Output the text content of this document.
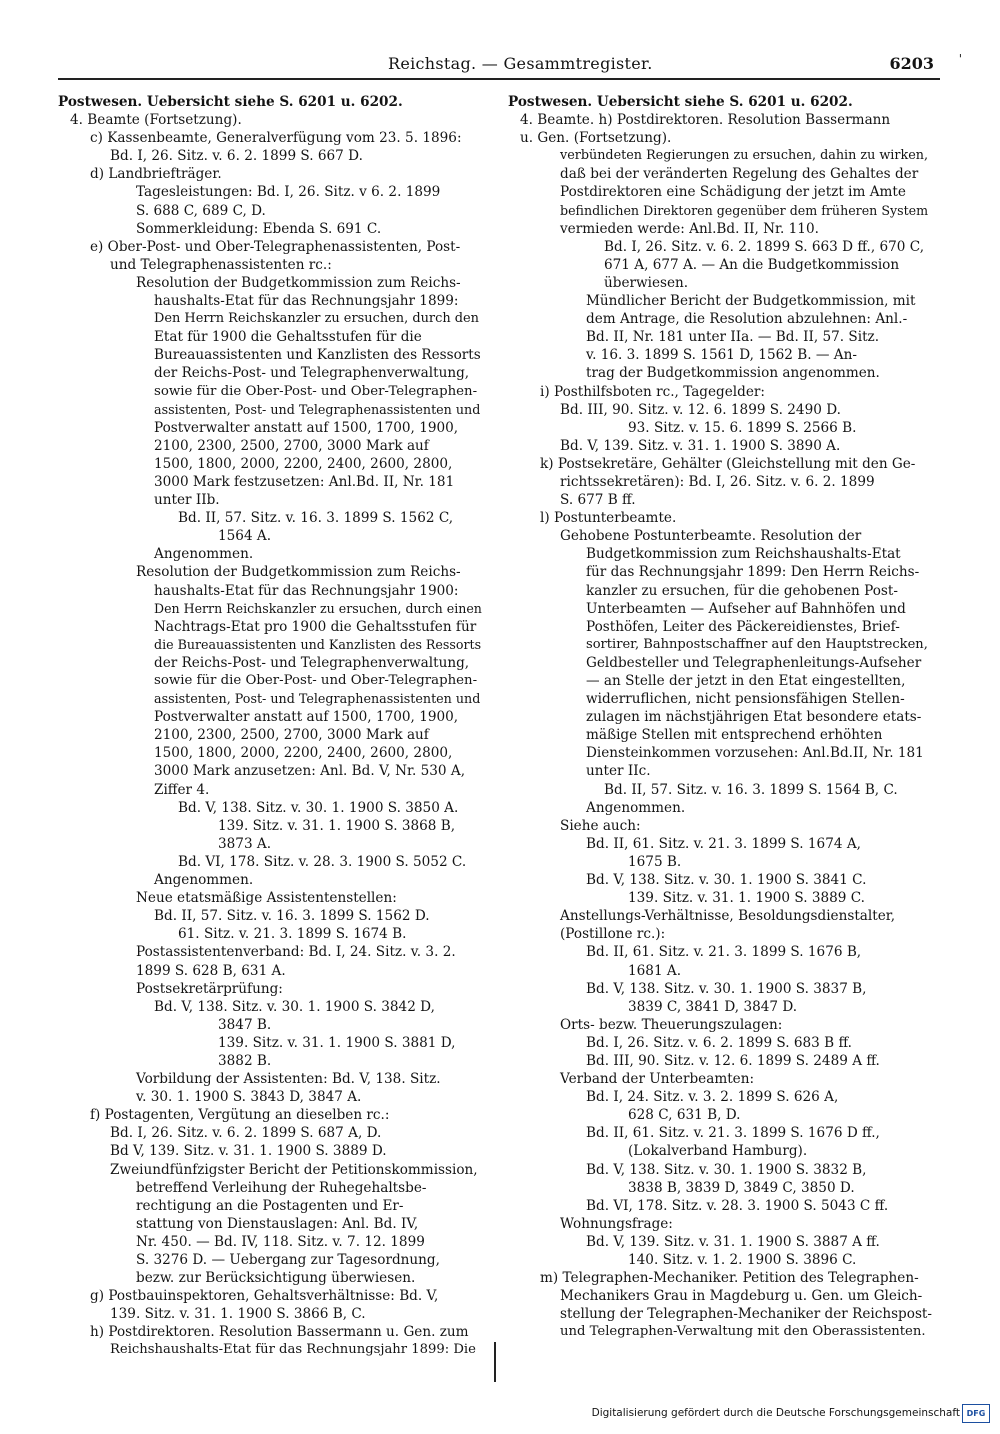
Reichstag. — Gesammtregister.	6203 '
Postwesen. Uebersicht siehe S. 6201 u. 6202.
4. Beamte (Fortsetzung).
c) Kassenbeamte, Generalverfügung vom 23. 5. 1896:
Bd. I, 26. Sitz. v. 6. 2. 1899 S. 667 D.
d) Landbriefträger.
Tagesleistungen: Bd. I, 26. Sitz. v 6. 2. 1899
S. 688 C, 689 C, D.
Sommerkleidung: Ebenda S. 691 C.
e) Ober-Post- und Ober-Telegraphenassistenten, Post-
und Telegraphenassistenten rc.:
Resolution der Budgetkommission zum Reichs-
haushalts-Etat für das Rechnungsjahr 1899:
Den Herrn Reichskanzler zu ersuchen, durch den
Etat für 1900 die Gehaltsstufen für die
Bureauassistenten und Kanzlisten des Ressorts
der Reichs-Post- und Telegraphenverwaltung,
sowie für die Ober-Post- und Ober-Telegraphen-
assistenten, Post- und Telegraphenassistenten und
Postverwalter anstatt auf 1500, 1700, 1900,
2100, 2300, 2500, 2700, 3000 Mark auf
1500, 1800, 2000, 2200, 2400, 2600, 2800,
3000 Mark festzusetzen: Anl.Bd. II, Nr. 181
unter IIb.
Bd. II, 57. Sitz. v. 16. 3. 1899 S. 1562 C,
1564 A.
Angenommen.
Resolution der Budgetkommission zum Reichs-
haushalts-Etat für das Rechnungsjahr 1900:
Den Herrn Reichskanzler zu ersuchen, durch einen
Nachtrags-Etat pro 1900 die Gehaltsstufen für
die Bureauassistenten und Kanzlisten des Ressorts
der Reichs-Post- und Telegraphenverwaltung,
sowie für die Ober-Post- und Ober-Telegraphen-
assistenten, Post- und Telegraphenassistenten und
Postverwalter anstatt auf 1500, 1700, 1900,
2100, 2300, 2500, 2700, 3000 Mark auf
1500, 1800, 2000, 2200, 2400, 2600, 2800,
3000 Mark anzusetzen: Anl. Bd. V, Nr. 530 A,
Ziffer 4.
Bd. V, 138. Sitz. v. 30. 1. 1900 S. 3850 A.
139. Sitz. v. 31. 1. 1900 S. 3868 B,
3873 A.
Bd. VI, 178. Sitz. v. 28. 3. 1900 S. 5052 C.
Angenommen.
Neue etatsmäßige Assistentenstellen:
Bd. II, 57. Sitz. v. 16. 3. 1899 S. 1562 D.
61. Sitz. v. 21. 3. 1899 S. 1674 B.
Postassistentenverband: Bd. I, 24. Sitz. v. 3. 2.
1899 S. 628 B, 631 A.
Postsekretärprüfung:
Bd. V, 138. Sitz. v. 30. 1. 1900 S. 3842 D,
3847 B.
139. Sitz. v. 31. 1. 1900 S. 3881 D,
3882 B.
Vorbildung der Assistenten: Bd. V, 138. Sitz.
v. 30. 1. 1900 S. 3843 D, 3847 A.
f) Postagenten, Vergütung an dieselben rc.:
Bd. I, 26. Sitz. v. 6. 2. 1899 S. 687 A, D.
Bd V, 139. Sitz. v. 31. 1. 1900 S. 3889 D.
Zweiundfünfzigster Bericht der Petitionskommission,
betreffend Verleihung der Ruhegehaltsbe-
rechtigung an die Postagenten und Er-
stattung von Dienstauslagen: Anl. Bd. IV,
Nr. 450. — Bd. IV, 118. Sitz. v. 7. 12. 1899
S. 3276 D. — Uebergang zur Tagesordnung,
bezw. zur Berücksichtigung überwiesen.
g) Postbauinspektoren, Gehaltsverhältnisse: Bd. V,
139. Sitz. v. 31. 1. 1900 S. 3866 B, C.
h) Postdirektoren. Resolution Bassermann u. Gen. zum
Reichshaushalts-Etat für das Rechnungsjahr 1899: Die
Postwesen. Uebersicht siehe S. 6201 u. 6202.
4. Beamte. h) Postdirektoren. Resolution Bassermann
u. Gen. (Fortsetzung).
verbündeten Regierungen zu ersuchen, dahin zu wirken,
daß bei der veränderten Regelung des Gehaltes der
Postdirektoren eine Schädigung der jetzt im Amte
befindlichen Direktoren gegenüber dem früheren System
vermieden werde: Anl.Bd. II, Nr. 110.
Bd. I, 26. Sitz. v. 6. 2. 1899 S. 663 D ff., 670 C,
671 A, 677 A. — An die Budgetkommission
überwiesen.
Mündlicher Bericht der Budgetkommission, mit
dem Antrage, die Resolution abzulehnen: Anl.-
Bd. II, Nr. 181 unter IIa. — Bd. II, 57. Sitz.
v. 16. 3. 1899 S. 1561 D, 1562 B. — An-
trag der Budgetkommission angenommen.
i) Posthilfsboten rc., Tagegelder:
Bd. III, 90. Sitz. v. 12. 6. 1899 S. 2490 D.
93. Sitz. v. 15. 6. 1899 S. 2566 B.
Bd. V, 139. Sitz. v. 31. 1. 1900 S. 3890 A.
k) Postsekretäre, Gehälter (Gleichstellung mit den Ge-
richtssekretären): Bd. I, 26. Sitz. v. 6. 2. 1899
S. 677 B ff.
l) Postunterbeamte.
Gehobene Postunterbeamte. Resolution der
Budgetkommission zum Reichshaushalts-Etat
für das Rechnungsjahr 1899: Den Herrn Reichs-
kanzler zu ersuchen, für die gehobenen Post-
Unterbeamten — Aufseher auf Bahnhöfen und
Posthöfen, Leiter des Päckereidienstes, Brief-
sortirer, Bahnpostschaffner auf den Hauptstrecken,
Geldbesteller und Telegraphenleitungs-Aufseher
— an Stelle der jetzt in den Etat eingestellten,
widerruflichen, nicht pensionsfähigen Stellen-
zulagen im nächstjährigen Etat besondere etats-
mäßige Stellen mit entsprechend erhöhten
Diensteinkommen vorzusehen: Anl.Bd.II, Nr. 181
unter IIc.
Bd. II, 57. Sitz. v. 16. 3. 1899 S. 1564 B, C.
Angenommen.
Siehe auch:
Bd. II, 61. Sitz. v. 21. 3. 1899 S. 1674 A,
1675 B.
Bd. V, 138. Sitz. v. 30. 1. 1900 S. 3841 C.
139. Sitz. v. 31. 1. 1900 S. 3889 C.
Anstellungs-Verhältnisse, Besoldungsdienstalter,
(Postillone rc.):
Bd. II, 61. Sitz. v. 21. 3. 1899 S. 1676 B,
1681 A.
Bd. V, 138. Sitz. v. 30. 1. 1900 S. 3837 B,
3839 C, 3841 D, 3847 D.
Orts- bezw. Theuerungszulagen:
Bd. I, 26. Sitz. v. 6. 2. 1899 S. 683 B ff.
Bd. III, 90. Sitz. v. 12. 6. 1899 S. 2489 A ff.
Verband der Unterbeamten:
Bd. I, 24. Sitz. v. 3. 2. 1899 S. 626 A,
628 C, 631 B, D.
Bd. II, 61. Sitz. v. 21. 3. 1899 S. 1676 D ff.,
(Lokalverband Hamburg).
Bd. V, 138. Sitz. v. 30. 1. 1900 S. 3832 B,
3838 B, 3839 D, 3849 C, 3850 D.
Bd. VI, 178. Sitz. v. 28. 3. 1900 S. 5043 C ff.
Wohnungsfrage:
Bd. V, 139. Sitz. v. 31. 1. 1900 S. 3887 A ff.
140. Sitz. v. 1. 2. 1900 S. 3896 C.
m) Telegraphen-Mechaniker. Petition des Telegraphen-
Mechanikers Grau in Magdeburg u. Gen. um Gleich-
stellung der Telegraphen-Mechaniker der Reichspost-
und Telegraphen-Verwaltung mit den Oberassistenten.
Digitalisierung gefördert durch die Deutsche Forschungsgemeinschaft DFG
